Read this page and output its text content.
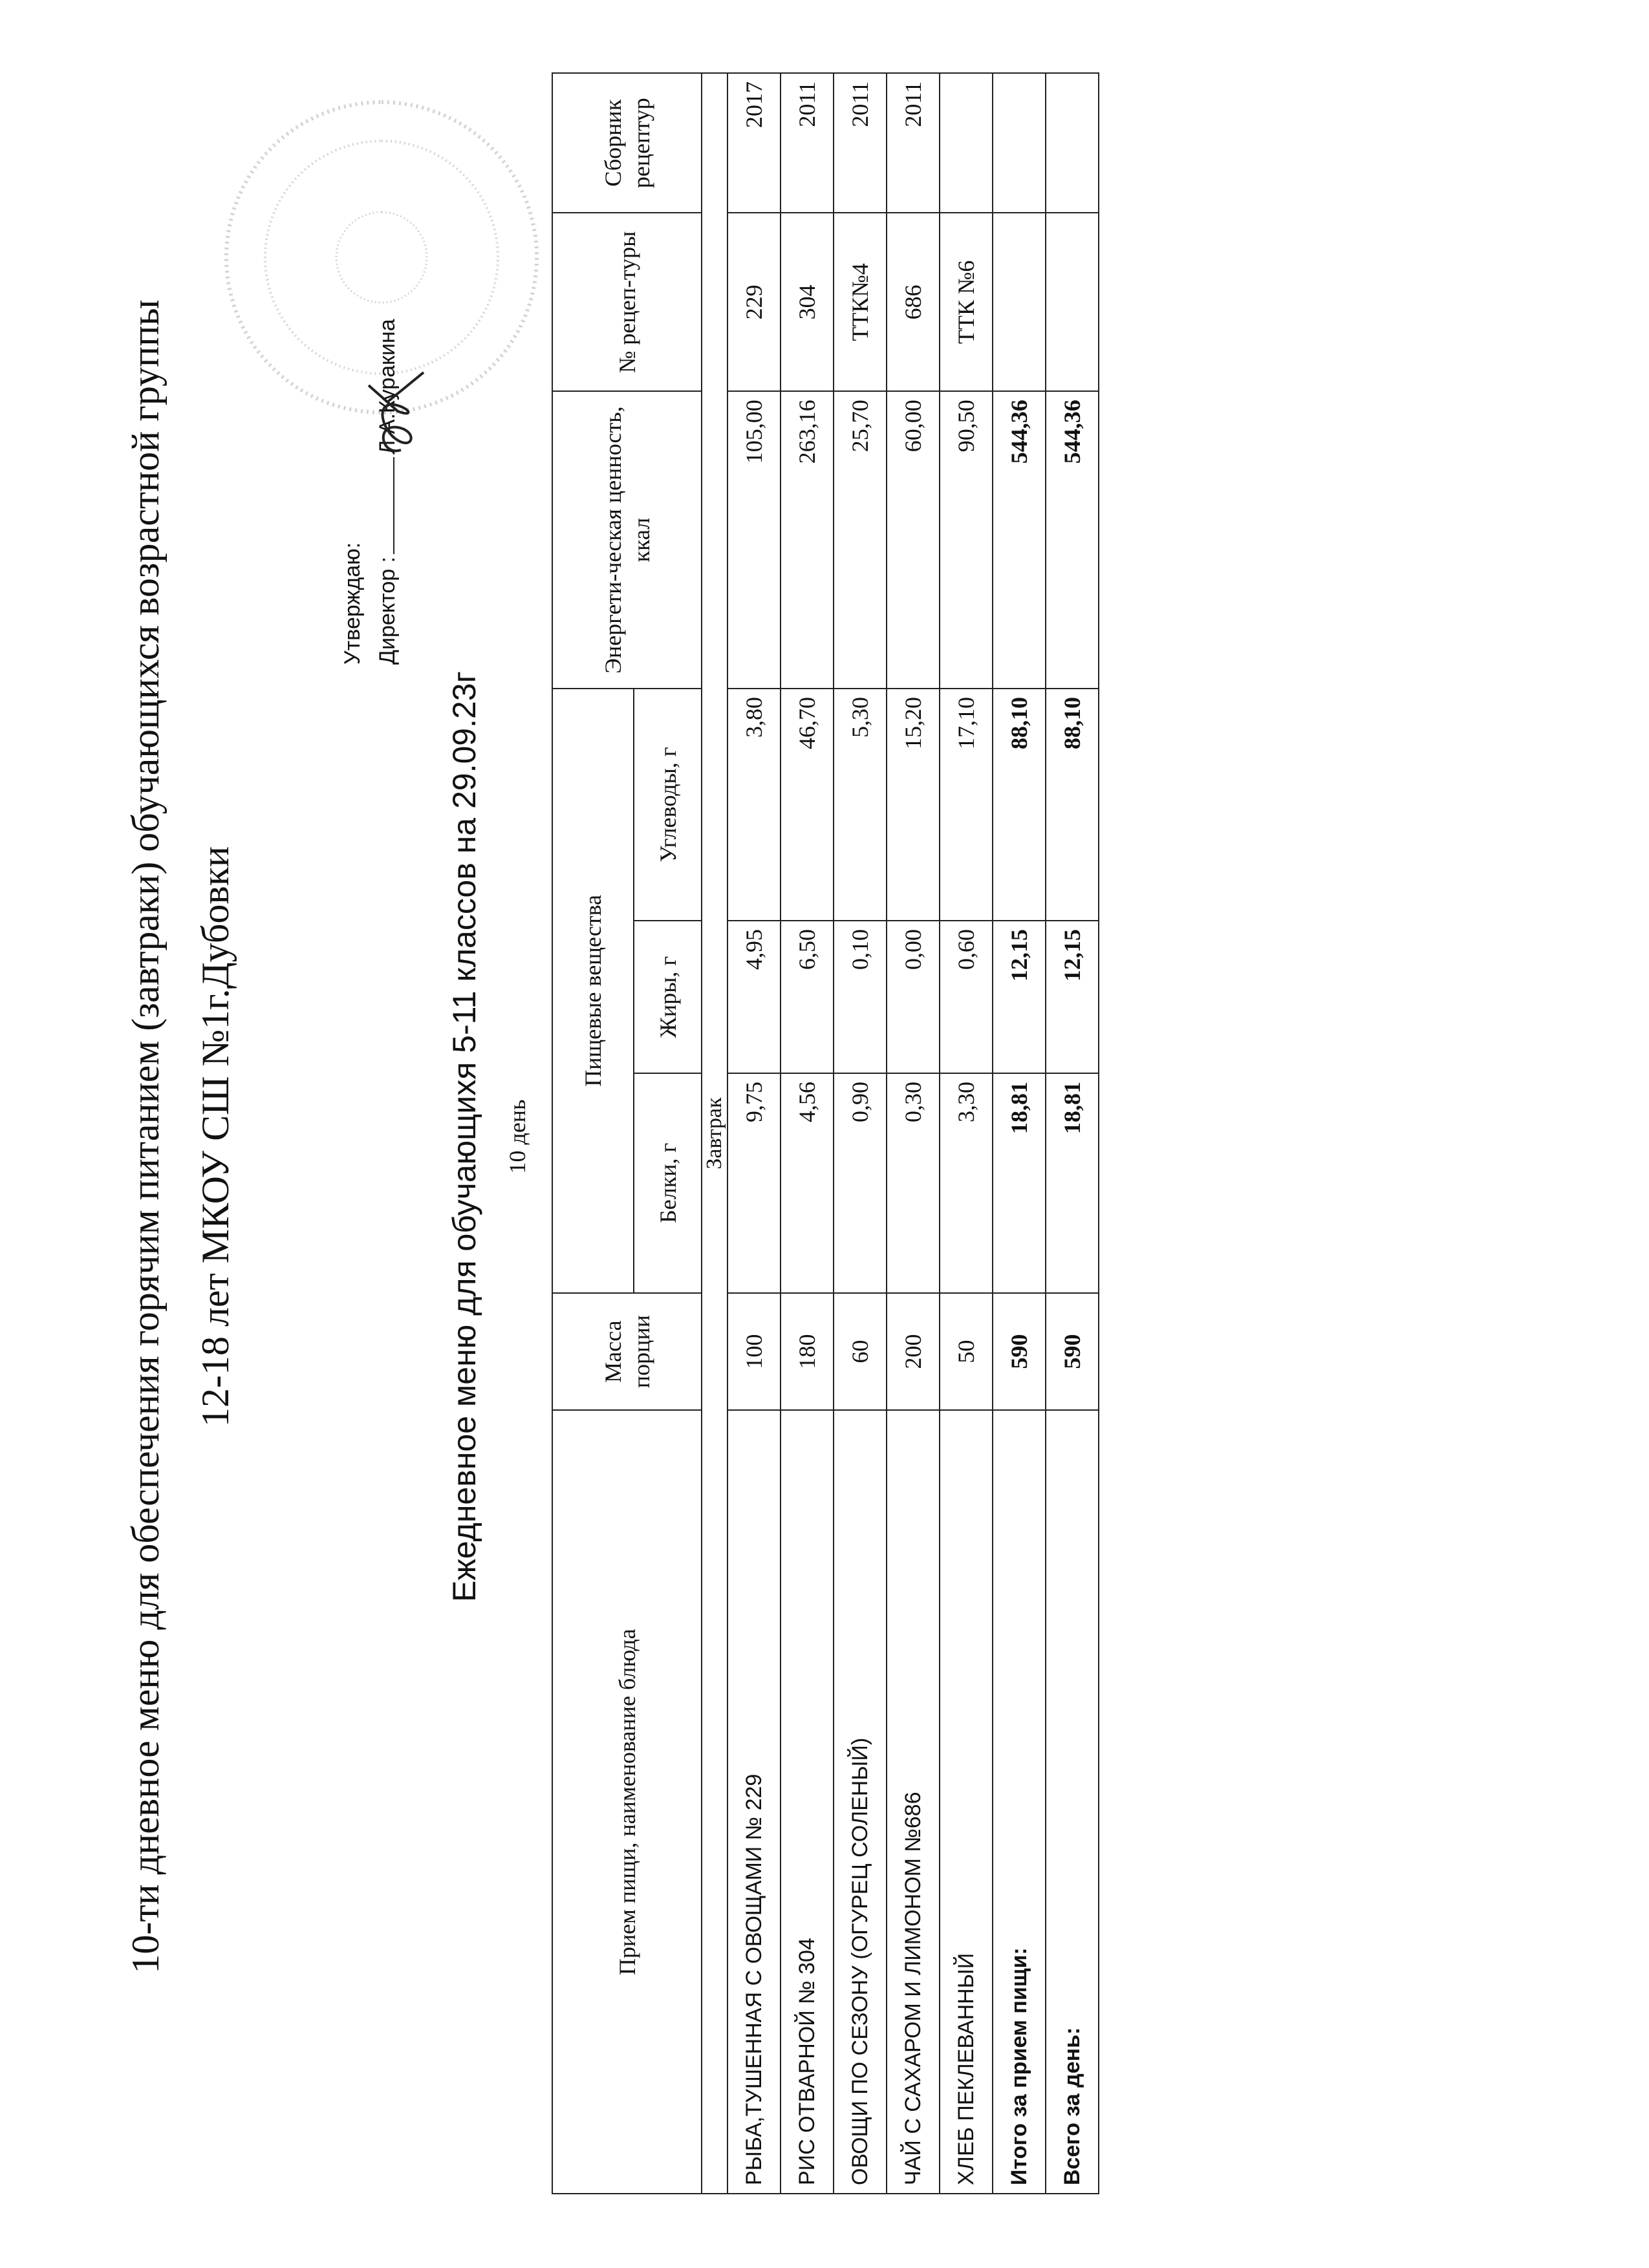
10-ти дневное меню для обеспечения горячим питанием (завтраки) обучающихся возрастной группы 12-18 лет МКОУ СШ №1г.Дубовки
Утверждаю: Директор :Л.А.Куракина
Ежедневное меню для обучающихя 5-11 классов на 29.09.23г 10 день
Прием пищи, наименование блюда	Масса порции	Пищевые вещества			Энергети-ческая ценность, ккал	№ рецеп-туры	Сборник рецептур
		Белки, г	Жиры, г	Углеводы, г			
Завтрак							
РЫБА,ТУШЕННАЯ С ОВОЩАМИ № 229	100	9,75	4,95	3,80	105,00	229	2017
РИС ОТВАРНОЙ № 304	180	4,56	6,50	46,70	263,16	304	2011
ОВОЩИ ПО СЕЗОНУ (ОГУРЕЦ СОЛЕНЫЙ)	60	0,90	0,10	5,30	25,70	ТТК№4	2011
ЧАЙ С САХАРОМ И ЛИМОНОМ №686	200	0,30	0,00	15,20	60,00	686	2011
ХЛЕБ ПЕКЛЕВАННЫЙ	50	3,30	0,60	17,10	90,50	ТТК №6	
Итого за прием пищи:	590	18,81	12,15	88,10	544,36		
Всего за день:	590	18,81	12,15	88,10	544,36		
